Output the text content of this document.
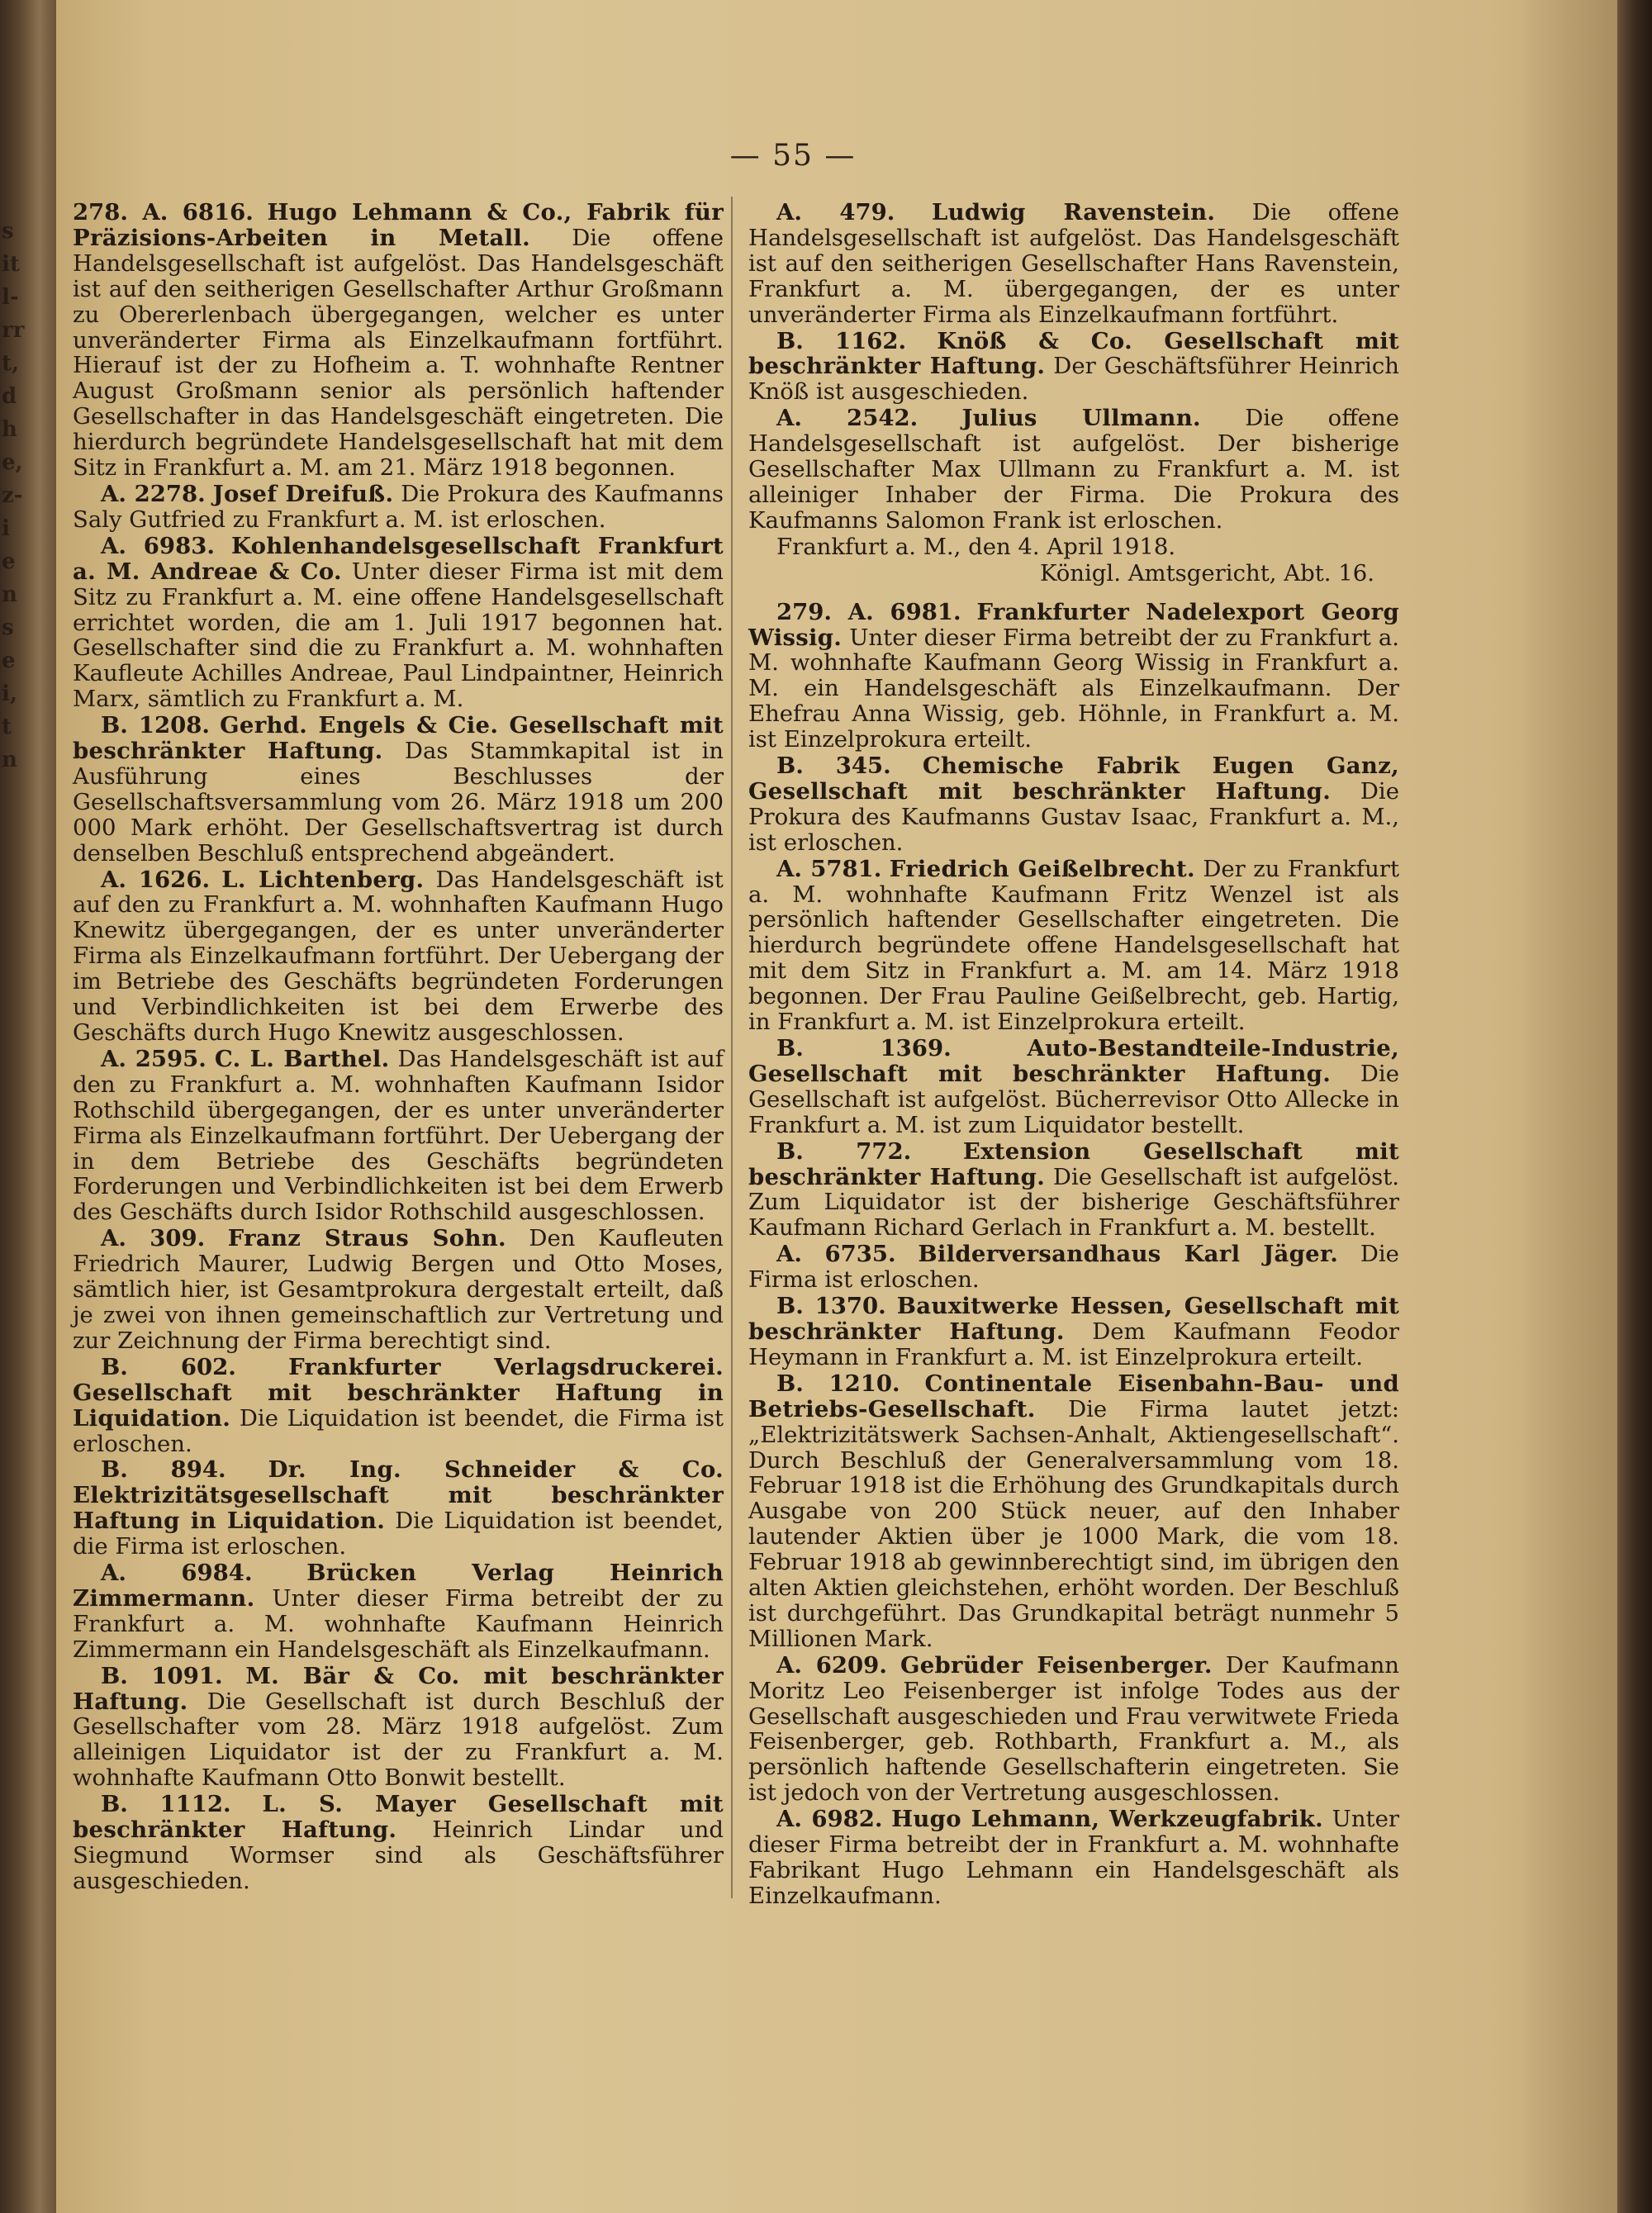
s
it
l-
rr
t,
d
h
e,
z-
i
e
n
s
e
i,
t
n
— 55 —

278. A. 6816. Hugo Lehmann & Co., Fabrik für Präzisions-Arbeiten in Metall. Die offene Handelsgesellschaft ist aufgelöst. Das Handelsgeschäft ist auf den seitherigen Gesellschafter Arthur Großmann zu Obererlenbach übergegangen, welcher es unter unveränderter Firma als Einzelkaufmann fortführt. Hierauf ist der zu Hofheim a. T. wohnhafte Rentner August Großmann senior als persönlich haftender Gesellschafter in das Handelsgeschäft eingetreten. Die hierdurch begründete Handelsgesellschaft hat mit dem Sitz in Frankfurt a. M. am 21. März 1918 begonnen.

A. 2278. Josef Dreifuß. Die Prokura des Kaufmanns Saly Gutfried zu Frankfurt a. M. ist erloschen.

A. 6983. Kohlenhandelsgesellschaft Frankfurt a. M. Andreae & Co. Unter dieser Firma ist mit dem Sitz zu Frankfurt a. M. eine offene Handelsgesellschaft errichtet worden, die am 1. Juli 1917 begonnen hat. Gesellschafter sind die zu Frankfurt a. M. wohnhaften Kaufleute Achilles Andreae, Paul Lindpaintner, Heinrich Marx, sämtlich zu Frankfurt a. M.

B. 1208. Gerhd. Engels & Cie. Gesellschaft mit beschränkter Haftung. Das Stammkapital ist in Ausführung eines Beschlusses der Gesellschaftsversammlung vom 26. März 1918 um 200 000 Mark erhöht. Der Gesellschaftsvertrag ist durch denselben Beschluß entsprechend abgeändert.

A. 1626. L. Lichtenberg. Das Handelsgeschäft ist auf den zu Frankfurt a. M. wohnhaften Kaufmann Hugo Knewitz übergegangen, der es unter unveränderter Firma als Einzelkaufmann fortführt. Der Uebergang der im Betriebe des Geschäfts begründeten Forderungen und Verbindlichkeiten ist bei dem Erwerbe des Geschäfts durch Hugo Knewitz ausgeschlossen.

A. 2595. C. L. Barthel. Das Handelsgeschäft ist auf den zu Frankfurt a. M. wohnhaften Kaufmann Isidor Rothschild übergegangen, der es unter unveränderter Firma als Einzelkaufmann fortführt. Der Uebergang der in dem Betriebe des Geschäfts begründeten Forderungen und Verbindlichkeiten ist bei dem Erwerb des Geschäfts durch Isidor Rothschild ausgeschlossen.

A. 309. Franz Straus Sohn. Den Kaufleuten Friedrich Maurer, Ludwig Bergen und Otto Moses, sämtlich hier, ist Gesamtprokura dergestalt erteilt, daß je zwei von ihnen gemeinschaftlich zur Vertretung und zur Zeichnung der Firma berechtigt sind.

B. 602. Frankfurter Verlagsdruckerei. Gesellschaft mit beschränkter Haftung in Liquidation. Die Liquidation ist beendet, die Firma ist erloschen.

B. 894. Dr. Ing. Schneider & Co. Elektrizitätsgesellschaft mit beschränkter Haftung in Liquidation. Die Liquidation ist beendet, die Firma ist erloschen.

A. 6984. Brücken Verlag Heinrich Zimmermann. Unter dieser Firma betreibt der zu Frankfurt a. M. wohnhafte Kaufmann Heinrich Zimmermann ein Handelsgeschäft als Einzelkaufmann.

B. 1091. M. Bär & Co. mit beschränkter Haftung. Die Gesellschaft ist durch Beschluß der Gesellschafter vom 28. März 1918 aufgelöst. Zum alleinigen Liquidator ist der zu Frankfurt a. M. wohnhafte Kaufmann Otto Bonwit bestellt.

B. 1112. L. S. Mayer Gesellschaft mit beschränkter Haftung. Heinrich Lindar und Siegmund Wormser sind als Geschäftsführer ausgeschieden.

A. 479. Ludwig Ravenstein. Die offene Handelsgesellschaft ist aufgelöst. Das Handelsgeschäft ist auf den seitherigen Gesellschafter Hans Ravenstein, Frankfurt a. M. übergegangen, der es unter unveränderter Firma als Einzelkaufmann fortführt.

B. 1162. Knöß & Co. Gesellschaft mit beschränkter Haftung. Der Geschäftsführer Heinrich Knöß ist ausgeschieden.

A. 2542. Julius Ullmann. Die offene Handelsgesellschaft ist aufgelöst. Der bisherige Gesellschafter Max Ullmann zu Frankfurt a. M. ist alleiniger Inhaber der Firma. Die Prokura des Kaufmanns Salomon Frank ist erloschen.

Frankfurt a. M., den 4. April 1918.

Königl. Amtsgericht, Abt. 16.

279. A. 6981. Frankfurter Nadelexport Georg Wissig. Unter dieser Firma betreibt der zu Frankfurt a. M. wohnhafte Kaufmann Georg Wissig in Frankfurt a. M. ein Handelsgeschäft als Einzelkaufmann. Der Ehefrau Anna Wissig, geb. Höhnle, in Frankfurt a. M. ist Einzelprokura erteilt.

B. 345. Chemische Fabrik Eugen Ganz, Gesellschaft mit beschränkter Haftung. Die Prokura des Kaufmanns Gustav Isaac, Frankfurt a. M., ist erloschen.

A. 5781. Friedrich Geißelbrecht. Der zu Frankfurt a. M. wohnhafte Kaufmann Fritz Wenzel ist als persönlich haftender Gesellschafter eingetreten. Die hierdurch begründete offene Handelsgesellschaft hat mit dem Sitz in Frankfurt a. M. am 14. März 1918 begonnen. Der Frau Pauline Geißelbrecht, geb. Hartig, in Frankfurt a. M. ist Einzelprokura erteilt.

B. 1369.	Auto-Bestandteile-Industrie, Gesellschaft mit beschränkter Haftung. Die Gesellschaft ist aufgelöst. Bücherrevisor Otto Allecke in Frankfurt a. M. ist zum Liquidator bestellt.

B. 772. Extension Gesellschaft mit beschränkter Haftung. Die Gesellschaft ist aufgelöst. Zum Liquidator ist der bisherige Geschäftsführer Kaufmann Richard Gerlach in Frankfurt a. M. bestellt.

A. 6735. Bilderversandhaus Karl Jäger. Die Firma ist erloschen.

B. 1370. Bauxitwerke Hessen, Gesellschaft mit beschränkter Haftung. Dem Kaufmann Feodor Heymann in Frankfurt a. M. ist Einzelprokura erteilt.

B. 1210. Continentale Eisenbahn-Bau- und Betriebs-Gesellschaft. Die Firma lautet jetzt: „Elektrizitätswerk Sachsen-Anhalt, Aktiengesellschaft“. Durch Beschluß der Generalversammlung vom 18. Februar 1918 ist die Erhöhung des Grundkapitals durch Ausgabe von 200 Stück neuer, auf den Inhaber lautender Aktien über je 1000 Mark, die vom 18. Februar 1918 ab gewinnberechtigt sind, im übrigen den alten Aktien gleichstehen, erhöht worden. Der Beschluß ist durchgeführt. Das Grundkapital beträgt nunmehr 5 Millionen Mark.

A. 6209. Gebrüder Feisenberger. Der Kaufmann Moritz Leo Feisenberger ist infolge Todes aus der Gesellschaft ausgeschieden und Frau verwitwete Frieda Feisenberger, geb. Rothbarth, Frankfurt a. M., als persönlich haftende Gesellschafterin eingetreten. Sie ist jedoch von der Vertretung ausgeschlossen.

A. 6982. Hugo Lehmann, Werkzeugfabrik. Unter dieser Firma betreibt der in Frankfurt a. M. wohnhafte Fabrikant Hugo Lehmann ein Handelsgeschäft als Einzelkaufmann.
